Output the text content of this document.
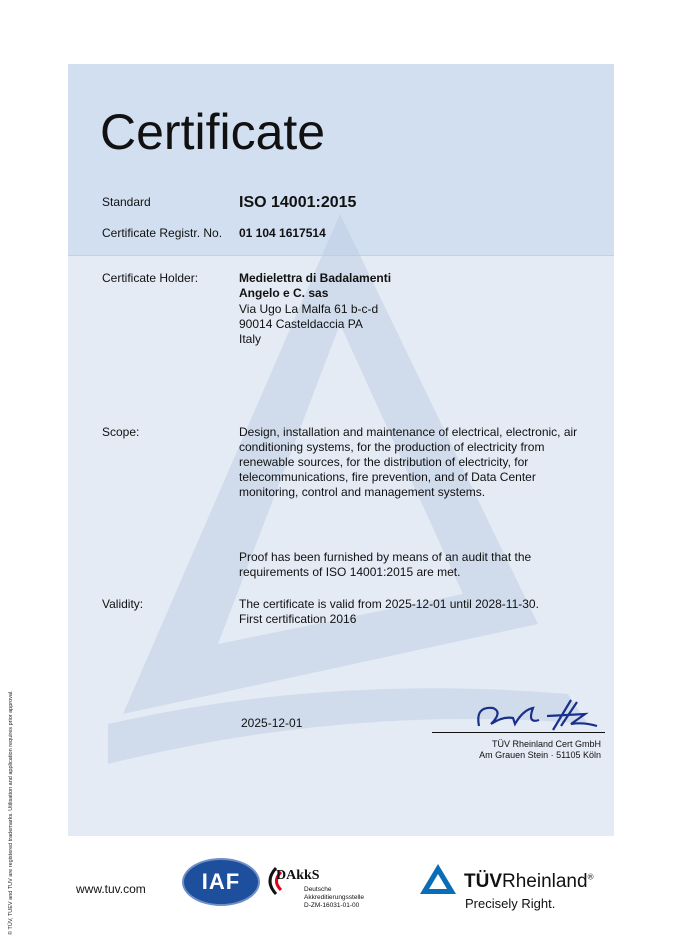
Certificate
Standard	ISO 14001:2015
Certificate Registr. No. 01 104 1617514
Certificate Holder:	Medielettra di Badalamenti
Angelo e C. sas
Via Ugo La Malfa 61 b-c-d
90014 Casteldaccia PA
Italy
Scope:	Design, installation and maintenance of electrical, electronic, air
conditioning systems, for the production of electricity from
renewable sources, for the distribution of electricity, for
telecommunications, fire prevention, and of Data Center
monitoring, control and management systems.
Proof has been furnished by means of an audit that the
requirements of ISO 14001:2015 are met.
Validity:	The certificate is valid from 2025-12-01 until 2028-11-30.
First certification 2016
2025-12-01
TÜV Rheinland Cert GmbH
Am Grauen Stein · 51105 Köln
© TÜV, TUEV and TUV are registered trademarks. Utilisation and application requires prior approval.	www.tuv.com	IAF	DAkkS
Deutsche
Akkreditierungsstelle
D-ZM-16031-01-00
TÜVRheinland®
Precisely Right.
